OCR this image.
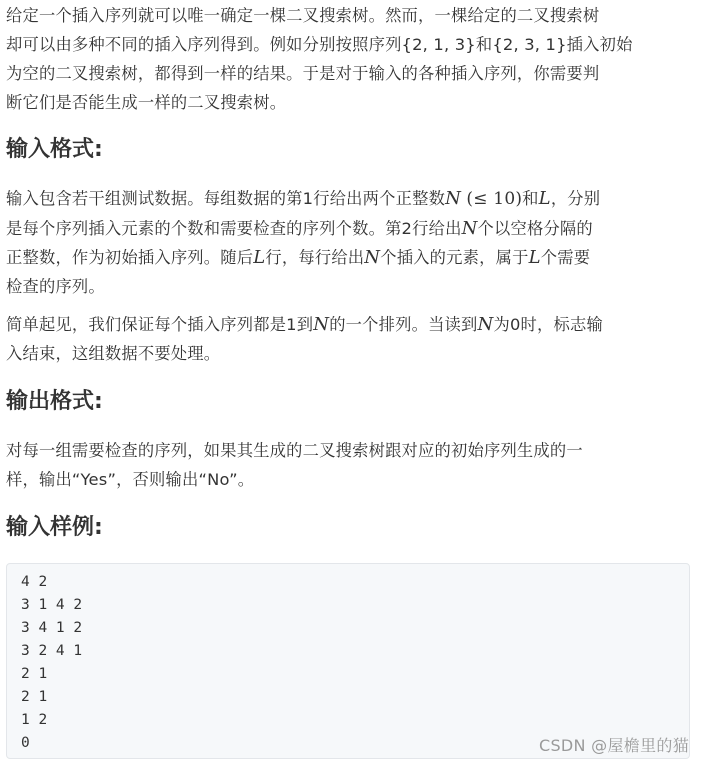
给定一个插入序列就可以唯一确定一棵二叉搜索树。然而，一棵给定的二叉搜索树
却可以由多种不同的插入序列得到。例如分别按照序列{2, 1, 3}和{2, 3, 1}插入初始
为空的二叉搜索树，都得到一样的结果。于是对于输入的各种插入序列，你需要判
断它们是否能生成一样的二叉搜索树。

输入格式:

输入包含若干组测试数据。每组数据的第1行给出两个正整数N (≤ 10)和L，分别
是每个序列插入元素的个数和需要检查的序列个数。第2行给出N个以空格分隔的
正整数，作为初始插入序列。随后L行，每行给出N个插入的元素，属于L个需要
检查的序列。

简单起见，我们保证每个插入序列都是1到N的一个排列。当读到N为0时，标志输
入结束，这组数据不要处理。

输出格式:

对每一组需要检查的序列，如果其生成的二叉搜索树跟对应的初始序列生成的一
样，输出“Yes”，否则输出“No”。

输入样例:
4 2
3 1 4 2
3 4 1 2
3 2 4 1
2 1
2 1
1 2
0	CSDN @屋檐里的猫
